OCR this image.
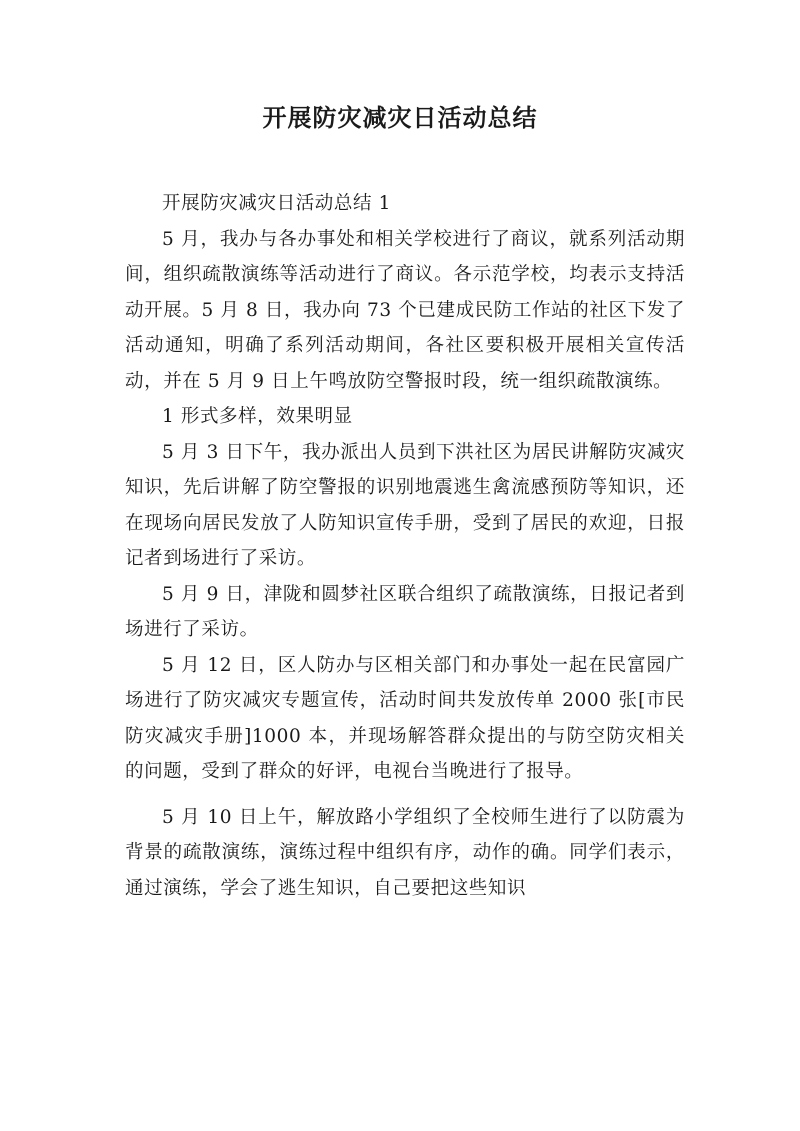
开展防灾减灾日活动总结

开展防灾减灾日活动总结 1

5 月，我办与各办事处和相关学校进行了商议，就系列活动期间，组织疏散演练等活动进行了商议。各示范学校，均表示支持活动开展。5 月 8 日，我办向 73 个已建成民防工作站的社区下发了活动通知，明确了系列活动期间，各社区要积极开展相关宣传活动，并在 5 月 9 日上午鸣放防空警报时段，统一组织疏散演练。

1 形式多样，效果明显

5 月 3 日下午，我办派出人员到下洪社区为居民讲解防灾减灾知识，先后讲解了防空警报的识别地震逃生禽流感预防等知识，还在现场向居民发放了人防知识宣传手册，受到了居民的欢迎，日报记者到场进行了采访。

5 月 9 日，津陇和圆梦社区联合组织了疏散演练，日报记者到场进行了采访。

5 月 12 日，区人防办与区相关部门和办事处一起在民富园广场进行了防灾减灾专题宣传，活动时间共发放传单 2000 张[市民防灾减灾手册]1000 本，并现场解答群众提出的与防空防灾相关的问题，受到了群众的好评，电视台当晚进行了报导。

5 月 10 日上午，解放路小学组织了全校师生进行了以防震为背景的疏散演练，演练过程中组织有序，动作的确。同学们表示，通过演练，学会了逃生知识，自己要把这些知识
